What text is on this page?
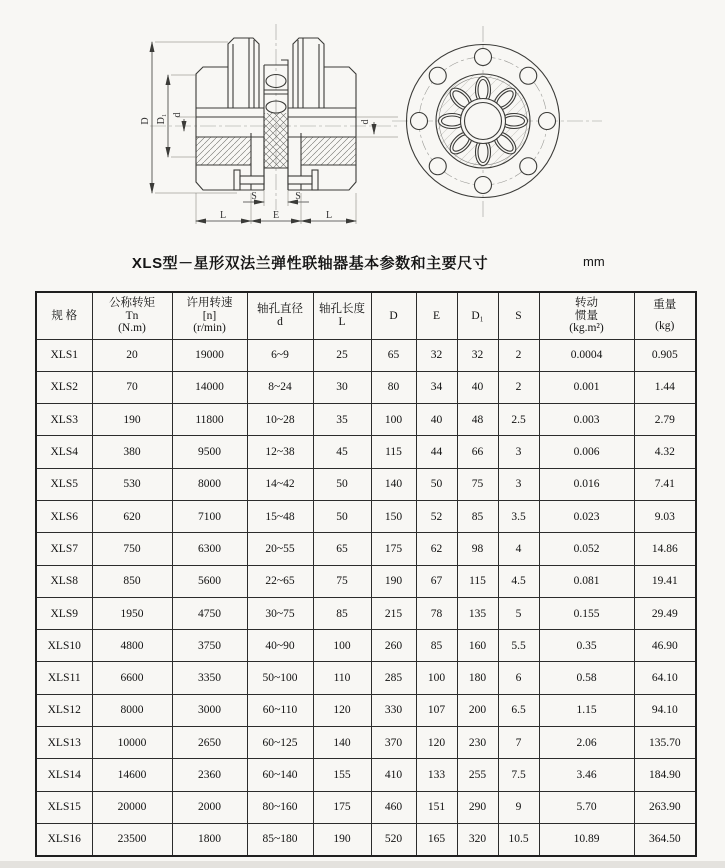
D D₁ d
d
S	S
L	E	L
XLS型－星形双法兰弹性联轴器基本参数和主要尺寸	mm
规 格

公称转矩
Tn
(N.m)

许用转速
[n]
(r/min)

轴孔直径
d

轴孔长度
L

D	E	D₁	S

转动
惯量
(kg.m²)

重量
(kg)

XLS1	20	19000	6~9	25	65	32	32	2	0.0004	0.905
XLS2	70	14000	8~24	30	80	34	40	2	0.001	1.44
XLS3	190	11800	10~28	35	100	40	48	2.5	0.003	2.79
XLS4	380	9500	12~38	45	115	44	66	3	0.006	4.32
XLS5	530	8000	14~42	50	140	50	75	3	0.016	7.41
XLS6	620	7100	15~48	50	150	52	85	3.5	0.023	9.03
XLS7	750	6300	20~55	65	175	62	98	4	0.052	14.86
XLS8	850	5600	22~65	75	190	67	115	4.5	0.081	19.41
XLS9	1950	4750	30~75	85	215	78	135	5	0.155	29.49
XLS10	4800	3750	40~90	100	260	85	160	5.5	0.35	46.90
XLS11	6600	3350	50~100	110	285	100	180	6	0.58	64.10
XLS12	8000	3000	60~110	120	330	107	200	6.5	1.15	94.10
XLS13	10000	2650	60~125	140	370	120	230	7	2.06	135.70
XLS14	14600	2360	60~140	155	410	133	255	7.5	3.46	184.90
XLS15	20000	2000	80~160	175	460	151	290	9	5.70	263.90
XLS16	23500	1800	85~180	190	520	165	320	10.5	10.89	364.50
